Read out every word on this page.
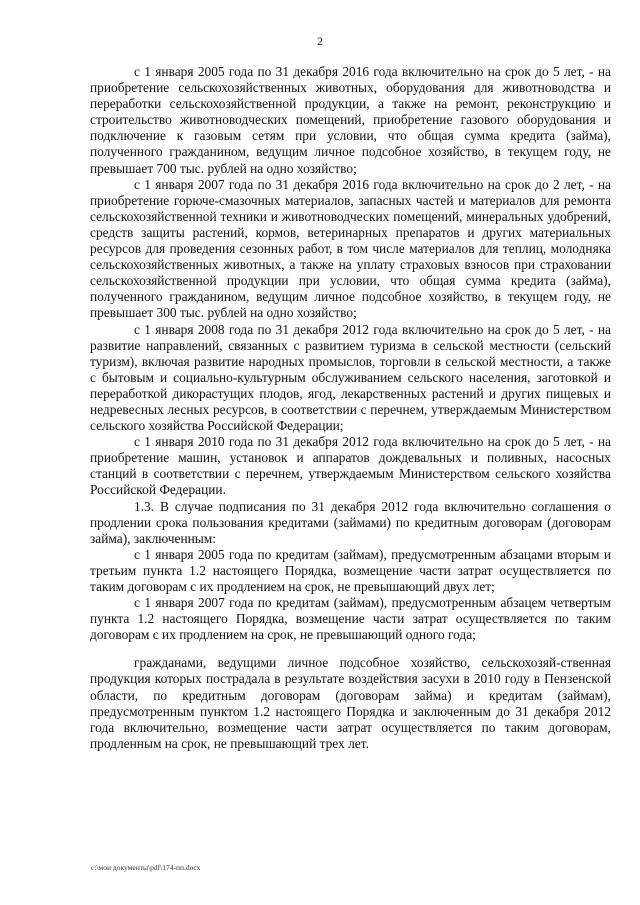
2

с 1 января 2005 года по 31 декабря 2016 года включительно на срок до 5 лет, - на приобретение сельскохозяйственных животных, оборудования для животноводства и переработки сельскохозяйственной продукции, а также на ремонт, реконструкцию и строительство животноводческих помещений, приобретение газового оборудования и подключение к газовым сетям при условии, что общая сумма кредита (займа), полученного гражданином, ведущим личное подсобное хозяйство, в текущем году, не превышает 700 тыс. рублей на одно хозяйство;

с 1 января 2007 года по 31 декабря 2016 года включительно на срок до 2 лет, - на приобретение горюче-смазочных материалов, запасных частей и материалов для ремонта сельскохозяйственной техники и животноводческих помещений, минеральных удобрений, средств защиты растений, кормов, ветеринарных препаратов и других материальных ресурсов для проведения сезонных работ, в том числе материалов для теплиц, молодняка сельскохозяйственных животных, а также на уплату страховых взносов при страховании сельскохозяйственной продукции при условии, что общая сумма кредита (займа), полученного гражданином, ведущим личное подсобное хозяйство, в текущем году, не превышает 300 тыс. рублей на одно хозяйство;

с 1 января 2008 года по 31 декабря 2012 года включительно на срок до 5 лет, - на развитие направлений, связанных с развитием туризма в сельской местности (сельский туризм), включая развитие народных промыслов, торговли в сельской местности, а также с бытовым и социально-культурным обслуживанием сельского населения, заготовкой и переработкой дикорастущих плодов, ягод, лекарственных растений и других пищевых и недревесных лесных ресурсов, в соответствии с перечнем, утверждаемым Министерством сельского хозяйства Российской Федерации;

с 1 января 2010 года по 31 декабря 2012 года включительно на срок до 5 лет, - на приобретение машин, установок и аппаратов дождевальных и поливных, насосных станций в соответствии с перечнем, утверждаемым Министерством сельского хозяйства Российской Федерации.

1.3. В случае подписания по 31 декабря 2012 года включительно соглашения о продлении срока пользования кредитами (займами) по кредитным договорам (договорам займа), заключенным:

с 1 января 2005 года по кредитам (займам), предусмотренным абзацами вторым и третьим пункта 1.2 настоящего Порядка, возмещение части затрат осуществляется по таким договорам с их продлением на срок, не превышающий двух лет;

с 1 января 2007 года по кредитам (займам), предусмотренным абзацем четвертым пункта 1.2 настоящего Порядка, возмещение части затрат осуществляется по таким договорам с их продлением на срок, не превышающий одного года;

гражданами, ведущими личное подсобное хозяйство, сельскохозяй-ственная продукция которых пострадала в результате воздействия засухи в 2010 году в Пензенской области, по кредитным договорам (договорам займа) и кредитам (займам), предусмотренным пунктом 1.2 настоящего Порядка и заключенным до 31 декабря 2012 года включительно, возмещение части затрат осуществляется по таким договорам, продленным на срок, не превышающий трех лет.

c:\мои документы\pdf\174-пп.docx
